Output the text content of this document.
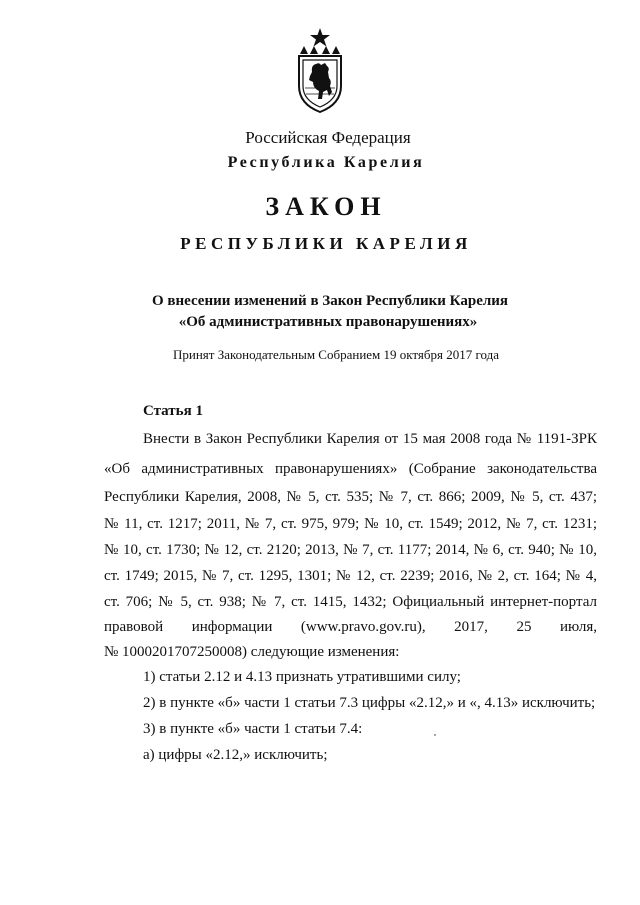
Российская Федерация
Республика Карелия
ЗАКОН
РЕСПУБЛИКИ КАРЕЛИЯ
О внесении изменений в Закон Республики Карелия
«Об административных правонарушениях»
Принят Законодательным Собранием 19 октября 2017 года
Статья 1
Внести в Закон Республики Карелия от 15 мая 2008 года № 1191-ЗРК
«Об административных правонарушениях» (Собрание законодательства
Республики Карелия, 2008, № 5, ст. 535; № 7, ст. 866; 2009, № 5, ст. 437;
№ 11, ст. 1217; 2011, № 7, ст. 975, 979; № 10, ст. 1549; 2012, № 7, ст. 1231;
№ 10, ст. 1730; № 12, ст. 2120; 2013, № 7, ст. 1177; 2014, № 6, ст. 940; № 10,
ст. 1749; 2015, № 7, ст. 1295, 1301; № 12, ст. 2239; 2016, № 2, ст. 164; № 4,
ст. 706; № 5, ст. 938; № 7, ст. 1415, 1432; Официальный интернет-портал
правовой информации (www.pravo.gov.ru), 2017, 25 июля,
№ 1000201707250008) следующие изменения:
1) статьи 2.12 и 4.13 признать утратившими силу;
2) в пункте «б» части 1 статьи 7.3 цифры «2.12,» и «, 4.13» исключить;
3) в пункте «б» части 1 статьи 7.4:
а) цифры «2.12,» исключить;
